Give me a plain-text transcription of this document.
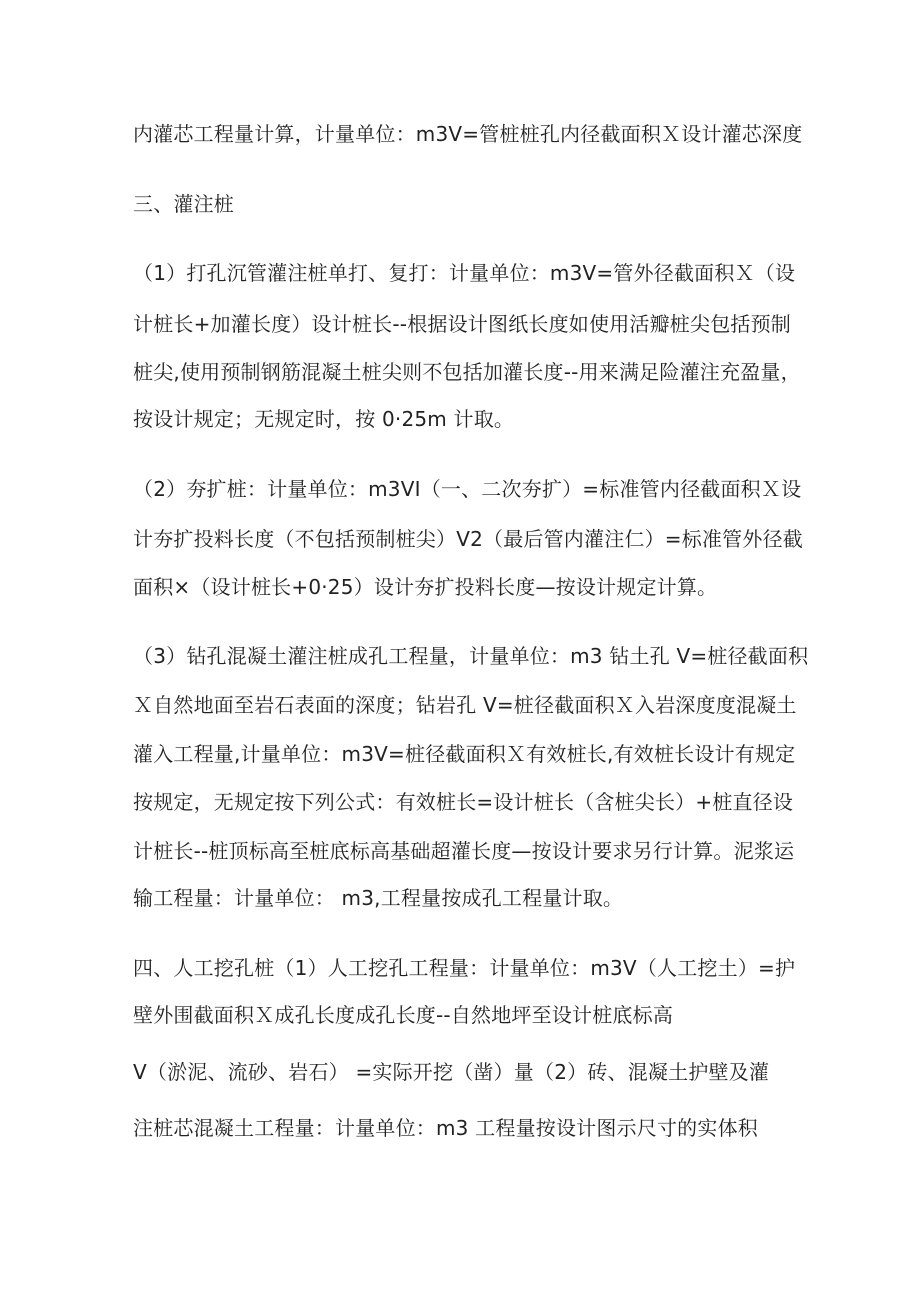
内灌芯工程量计算，计量单位：m3V=管桩桩孔内径截面积Ｘ设计灌芯深度
三、灌注桩
（1）打孔沉管灌注桩单打、复打：计量单位：m3V=管外径截面积Ｘ（设
计桩长+加灌长度）设计桩长--根据设计图纸长度如使用活瓣桩尖包括预制
桩尖,使用预制钢筋混凝土桩尖则不包括加灌长度--用来满足险灌注充盈量，
按设计规定；无规定时，按 0·25m 计取。
（2）夯扩桩：计量单位：m3VI（一、二次夯扩）=标准管内径截面积Ｘ设
计夯扩投料长度（不包括预制桩尖）V2（最后管内灌注仁）=标准管外径截
面积×（设计桩长+0·25）设计夯扩投料长度—按设计规定计算。
（3）钻孔混凝土灌注桩成孔工程量，计量单位：m3 钻土孔 V=桩径截面积
Ｘ自然地面至岩石表面的深度；钻岩孔 V=桩径截面积Ｘ入岩深度度混凝土
灌入工程量,计量单位：m3V=桩径截面积Ｘ有效桩长,有效桩长设计有规定
按规定，无规定按下列公式：有效桩长=设计桩长（含桩尖长）+桩直径设
计桩长--桩顶标高至桩底标高基础超灌长度—按设计要求另行计算。泥浆运
输工程量：计量单位： m3,工程量按成孔工程量计取。
四、人工挖孔桩（1）人工挖孔工程量：计量单位：m3V（人工挖土）=护
壁外围截面积Ｘ成孔长度成孔长度--自然地坪至设计桩底标高
V（淤泥、流砂、岩石） =实际开挖（凿）量（2）砖、混凝土护壁及灌
注桩芯混凝土工程量：计量单位：m3 工程量按设计图示尺寸的实体积
